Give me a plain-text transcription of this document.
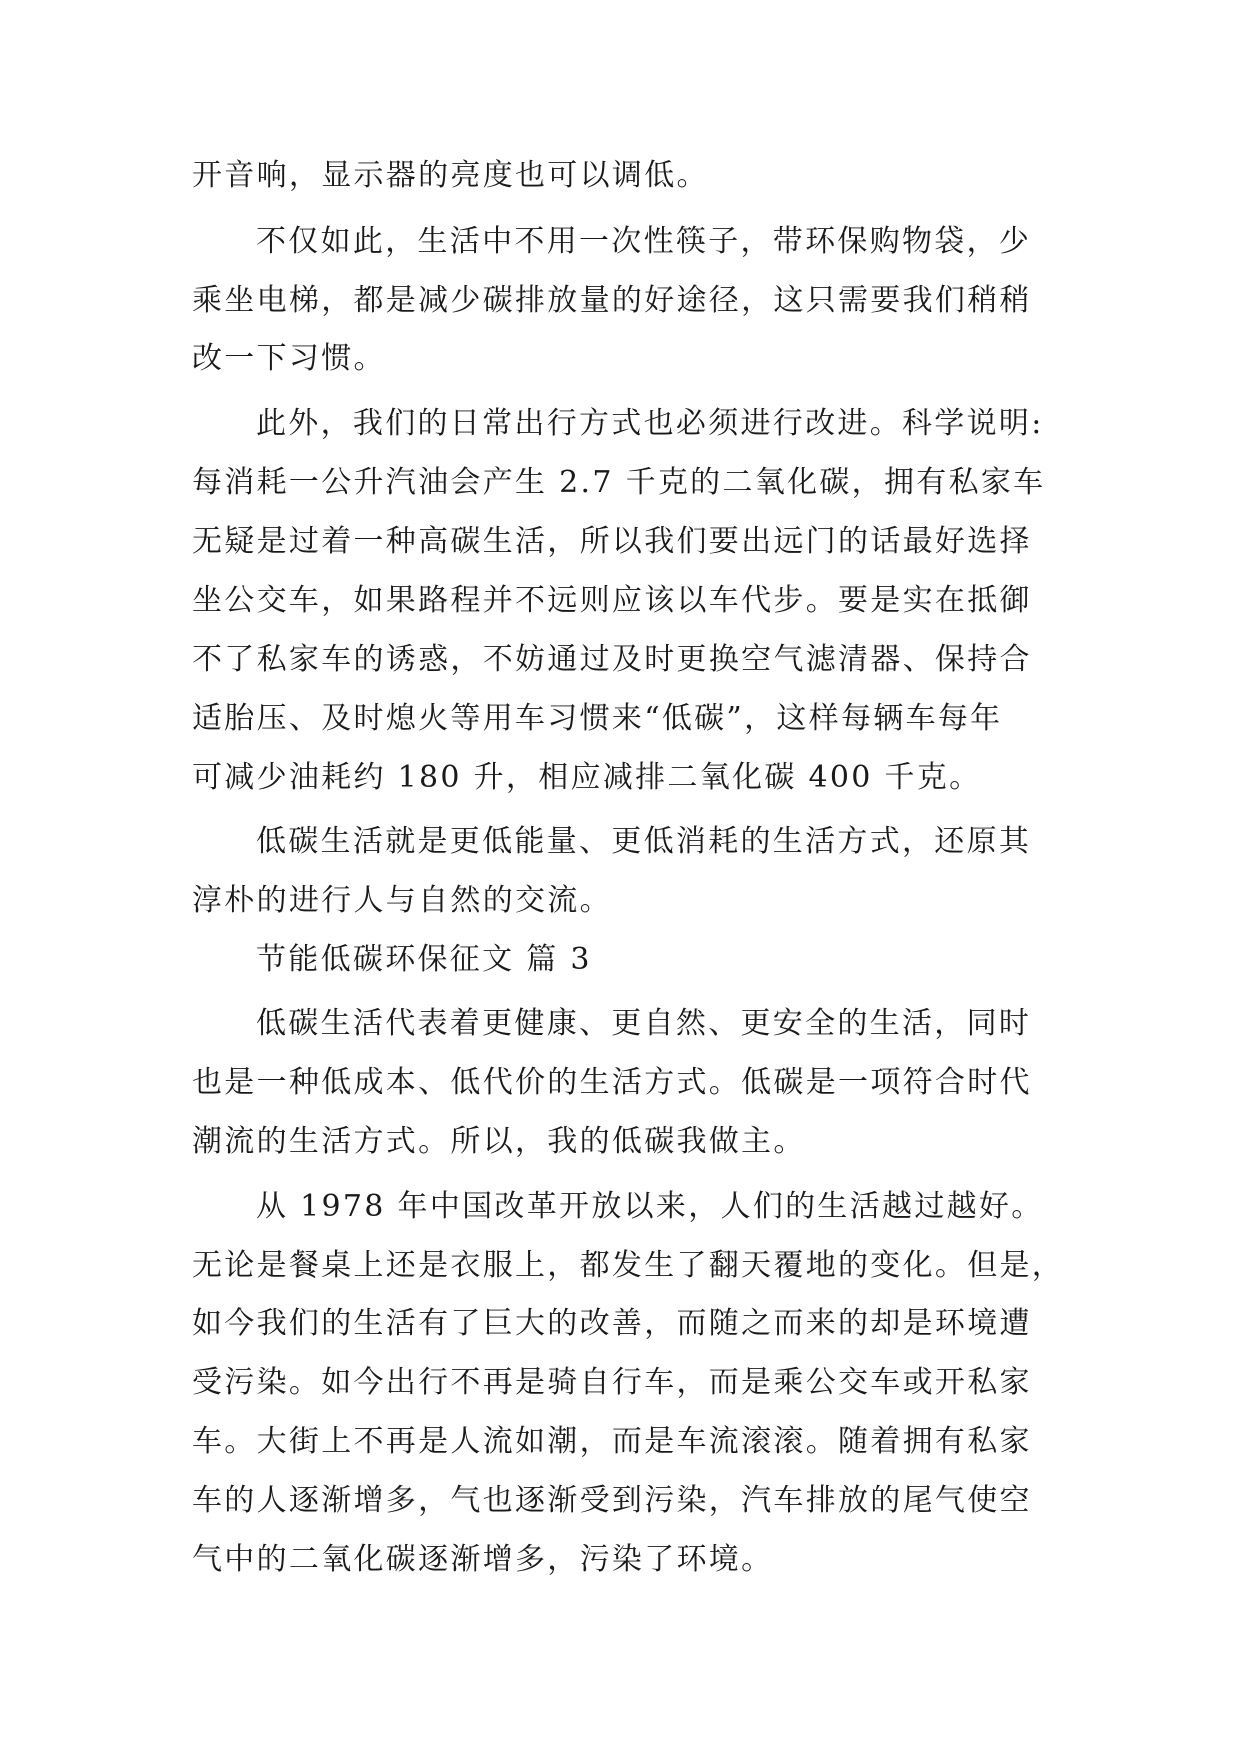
开音响，显示器的亮度也可以调低。
不仅如此，生活中不用一次性筷子，带环保购物袋，少
乘坐电梯，都是减少碳排放量的好途径，这只需要我们稍稍
改一下习惯。
此外，我们的日常出行方式也必须进行改进。科学说明:
每消耗一公升汽油会产生 2.7 千克的二氧化碳，拥有私家车
无疑是过着一种高碳生活，所以我们要出远门的话最好选择
坐公交车，如果路程并不远则应该以车代步。要是实在抵御
不了私家车的诱惑，不妨通过及时更换空气滤清器、保持合
适胎压、及时熄火等用车习惯来“低碳”，这样每辆车每年
可减少油耗约 180 升，相应减排二氧化碳 400 千克。
低碳生活就是更低能量、更低消耗的生活方式，还原其
淳朴的进行人与自然的交流。
节能低碳环保征文 篇 3
低碳生活代表着更健康、更自然、更安全的生活，同时
也是一种低成本、低代价的生活方式。低碳是一项符合时代
潮流的生活方式。所以，我的低碳我做主。
从 1978 年中国改革开放以来，人们的生活越过越好。
无论是餐桌上还是衣服上，都发生了翻天覆地的变化。但是，
如今我们的生活有了巨大的改善，而随之而来的却是环境遭
受污染。如今出行不再是骑自行车，而是乘公交车或开私家
车。大街上不再是人流如潮，而是车流滚滚。随着拥有私家
车的人逐渐增多，气也逐渐受到污染，汽车排放的尾气使空
气中的二氧化碳逐渐增多，污染了环境。
